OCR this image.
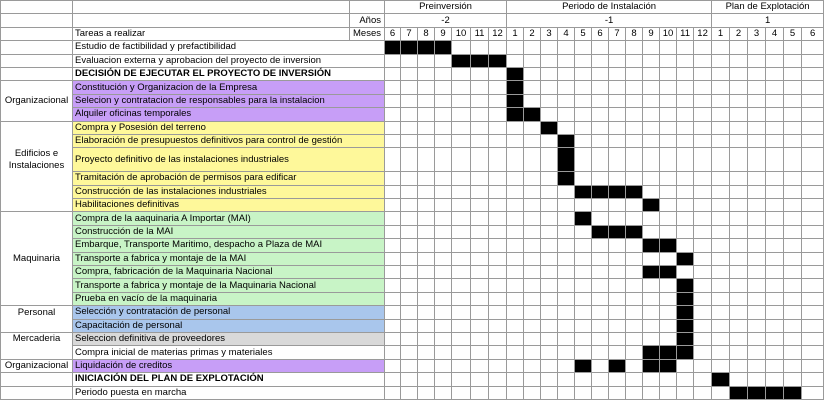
			Preinversión							Periodo de Instalación												Plan de Explotación					
		Años	-2							-1												1					
	Tareas a realizar	Meses	6	7	8	9	10	11	12	1	2	3	4	5	6	7	8	9	10	11	12	1	2	3	4	5	6
	Estudio de factibilidad y prefactibilidad																										
	Evaluacion externa y aprobacion del proyecto de inversion																										
	DECISIÓN DE EJECUTAR EL PROYECTO DE INVERSIÓN																										
	Constitución y Organizacion de la Empresa																										
Organizacional	Selecion y contratacion de responsables para la instalacion																										
	Alquiler oficinas temporales																										
	Compra y Posesión del terreno																										
	Elaboración de presupuestos definitivos para control de gestión																										
Edificios e Instalaciones	Proyecto definitivo de las instalaciones industriales																										
	Tramitación de aprobación de permisos para edificar																										
	Construcción de las instalaciones industriales																										
	Habilitaciones definitivas																										
	Compra de la aaquinaria A Importar (MAI)																										
	Construcción de la MAI																										
	Embarque, Transporte Maritimo, despacho a Plaza de MAI																										
Maquinaria	Transporte a fabrica y montaje de la MAI																										
	Compra, fabricación de la Maquinaria Nacional																										
	Transporte a fabrica y montaje de la Maquinaria Nacional																										
	Prueba en vacío de la maquinaria																										
Personal	Selección y contratación de personal																										
	Capacitación de personal																										
Mercaderia	Seleccion definitiva de proveedores																										
	Compra inicial de materias primas y materiales																										
Organizacional	Liquidación de creditos																										
	INICIACIÓN DEL PLAN DE EXPLOTACIÓN																										
	Periodo puesta en marcha																										
